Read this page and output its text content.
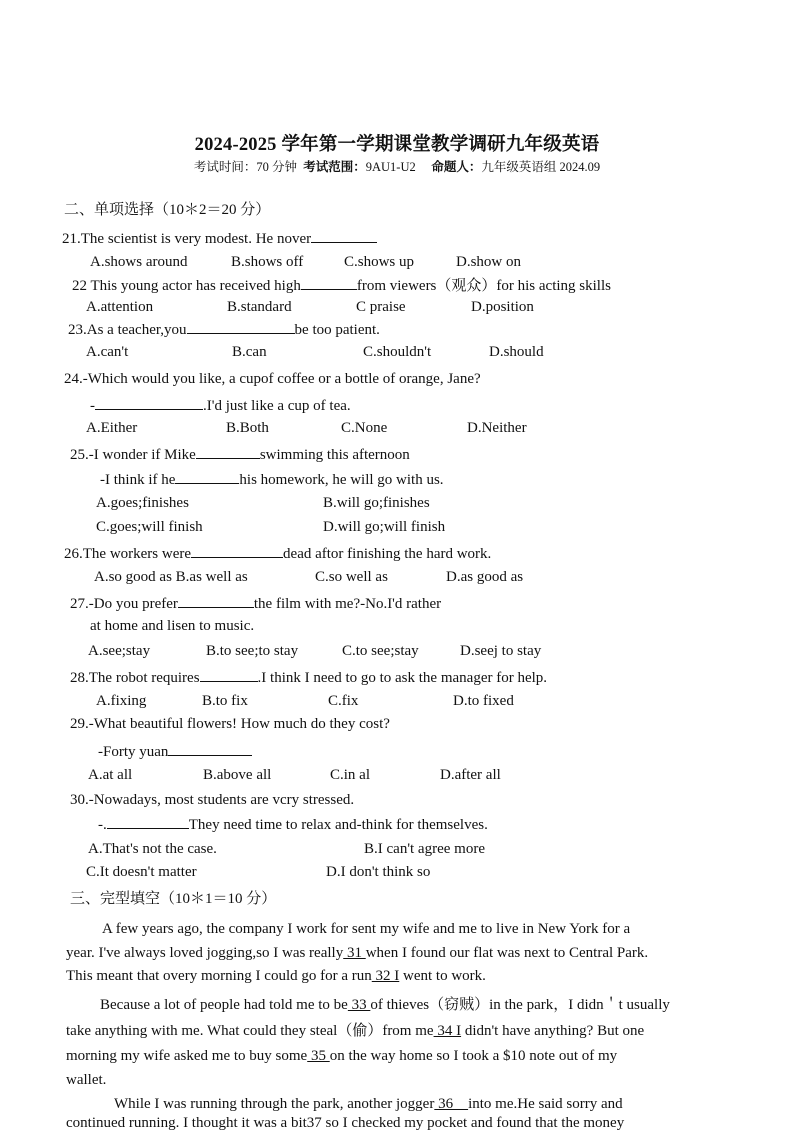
2024-2025 学年第一学期课堂教学调研九年级英语
考试时间：70 分钟 考试范围：9AU1-U2 命题人：九年级英语组 2024.09
二、单项选择（10＊2＝20 分）
21.The scientist is very modest. He nover
A.shows around	B.shows off	C.shows up	D.show on
22 This young actor has received high	from viewers（观众）for his acting skills
A.attention	B.standard	C praise	D.position
23.As a teacher,you	be too patient.
A.can't	B.can	C.shouldn't	D.should
24.-Which would you like, a cupof coffee or a bottle of orange, Jane?
-	.I'd just like a cup of tea.
A.Either	B.Both	C.None	D.Neither
25.-I wonder if Mike	swimming this afternoon
-I think if he	his homework, he will go with us.
A.goes;finishes	B.will go;finishes
C.goes;will finish	D.will go;will finish
26.The workers were	dead aftor finishing the hard work.
A.so good as B.as well as	C.so well as	D.as good as
27.-Do you prefer	the film with me?-No.I'd rather
at home and lisen to music.
A.see;stay	B.to see;to stay	C.to see;stay	D.seej to stay
28.The robot requires	.I think I need to go to ask the manager for help.
A.fixing	B.to fix	C.fix	D.to fixed
29.-What beautiful flowers! How much do they cost?
-Forty yuan
A.at all	B.above all	C.in al	D.after all
30.-Nowadays, most students are vcry stressed.
-.	They need time to relax and-think for themselves.
A.That's not the case.	B.I can't agree more
C.It doesn't matter	D.I don't think so
三、完型填空（10＊1＝10 分）
A few years ago, the company I work for sent my wife and me to live in New York for a
year. I've always loved jogging,so I was really 31 when I found our flat was next to Central Park.
This meant that overy morning I could go for a run 32 I went to work.
Because a lot of people had told me to be 33 of thieves（窃贼）in the park，I didn＇t usually
take anything with me. What could they steal（偷）from me 34 I didn't have anything? But one
morning my wife asked me to buy some 35 on the way home so I took a $10 note out of my
wallet.
While I was running through the park, another jogger 36    into me.He said sorry and
continued running. I thought it was a bit37 so I checked my pocket and found that the money
